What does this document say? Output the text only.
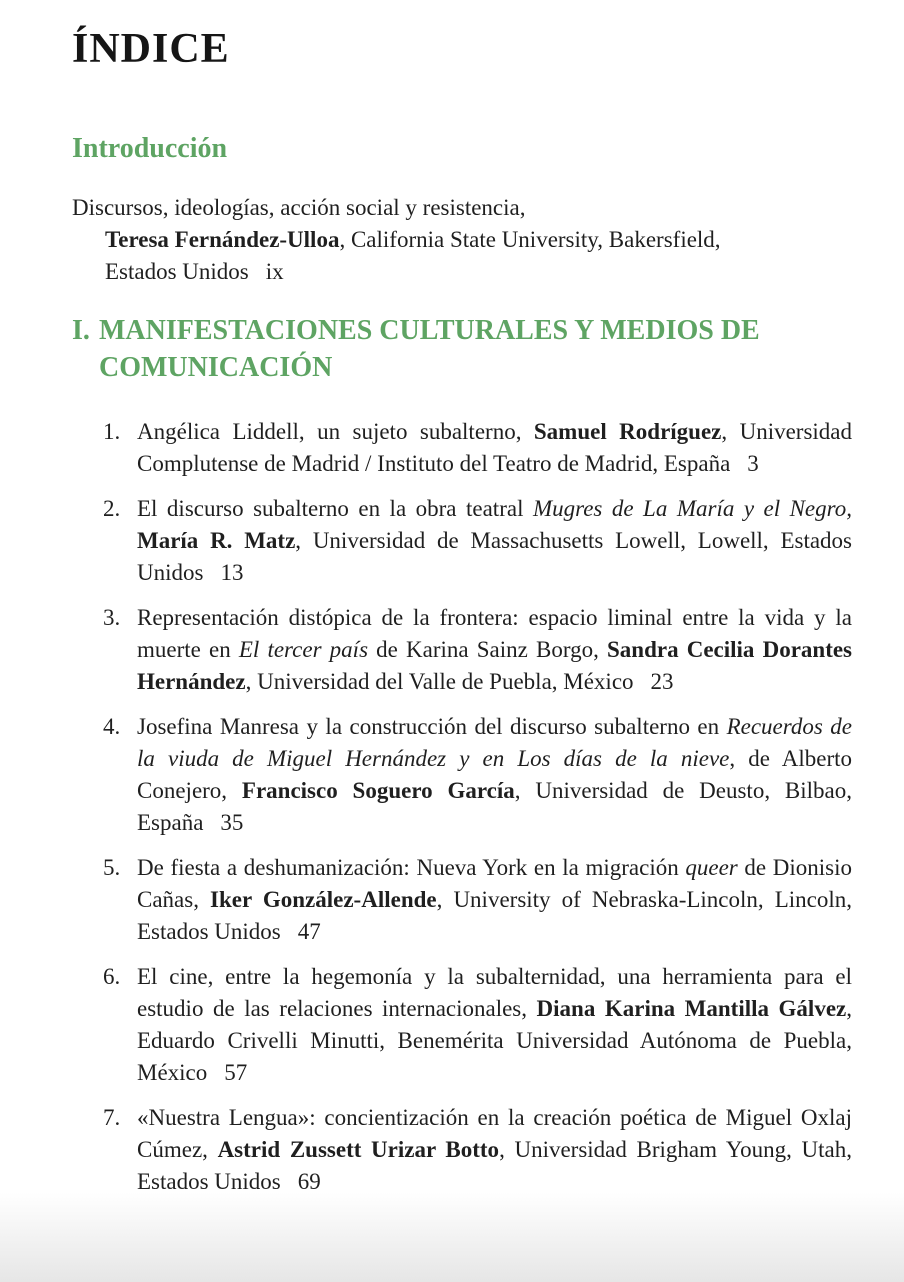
ÍNDICE
Introducción
Discursos, ideologías, acción social y resistencia,
Teresa Fernández-Ulloa, California State University, Bakersfield,
Estados Unidos ix
I. MANIFESTACIONES CULTURALES Y MEDIOS DE COMUNICACIÓN
1. Angélica Liddell, un sujeto subalterno, Samuel Rodríguez, Universidad Complutense de Madrid / Instituto del Teatro de Madrid, España 3
2. El discurso subalterno en la obra teatral Mugres de La María y el Negro, María R. Matz, Universidad de Massachusetts Lowell, Lowell, Estados Unidos 13
3. Representación distópica de la frontera: espacio liminal entre la vida y la muerte en El tercer país de Karina Sainz Borgo, Sandra Cecilia Dorantes Hernández, Universidad del Valle de Puebla, México 23
4. Josefina Manresa y la construcción del discurso subalterno en Recuerdos de la viuda de Miguel Hernández y en Los días de la nieve, de Alberto Conejero, Francisco Soguero García, Universidad de Deusto, Bilbao, España 35
5. De fiesta a deshumanización: Nueva York en la migración queer de Dionisio Cañas, Iker González-Allende, University of Nebraska-Lincoln, Lincoln, Estados Unidos 47
6. El cine, entre la hegemonía y la subalternidad, una herramienta para el estudio de las relaciones internacionales, Diana Karina Mantilla Gálvez, Eduardo Crivelli Minutti, Benemérita Universidad Autónoma de Puebla, México 57
7. «Nuestra Lengua»: concientización en la creación poética de Miguel Oxlaj Cúmez, Astrid Zussett Urizar Botto, Universidad Brigham Young, Utah, Estados Unidos 69
